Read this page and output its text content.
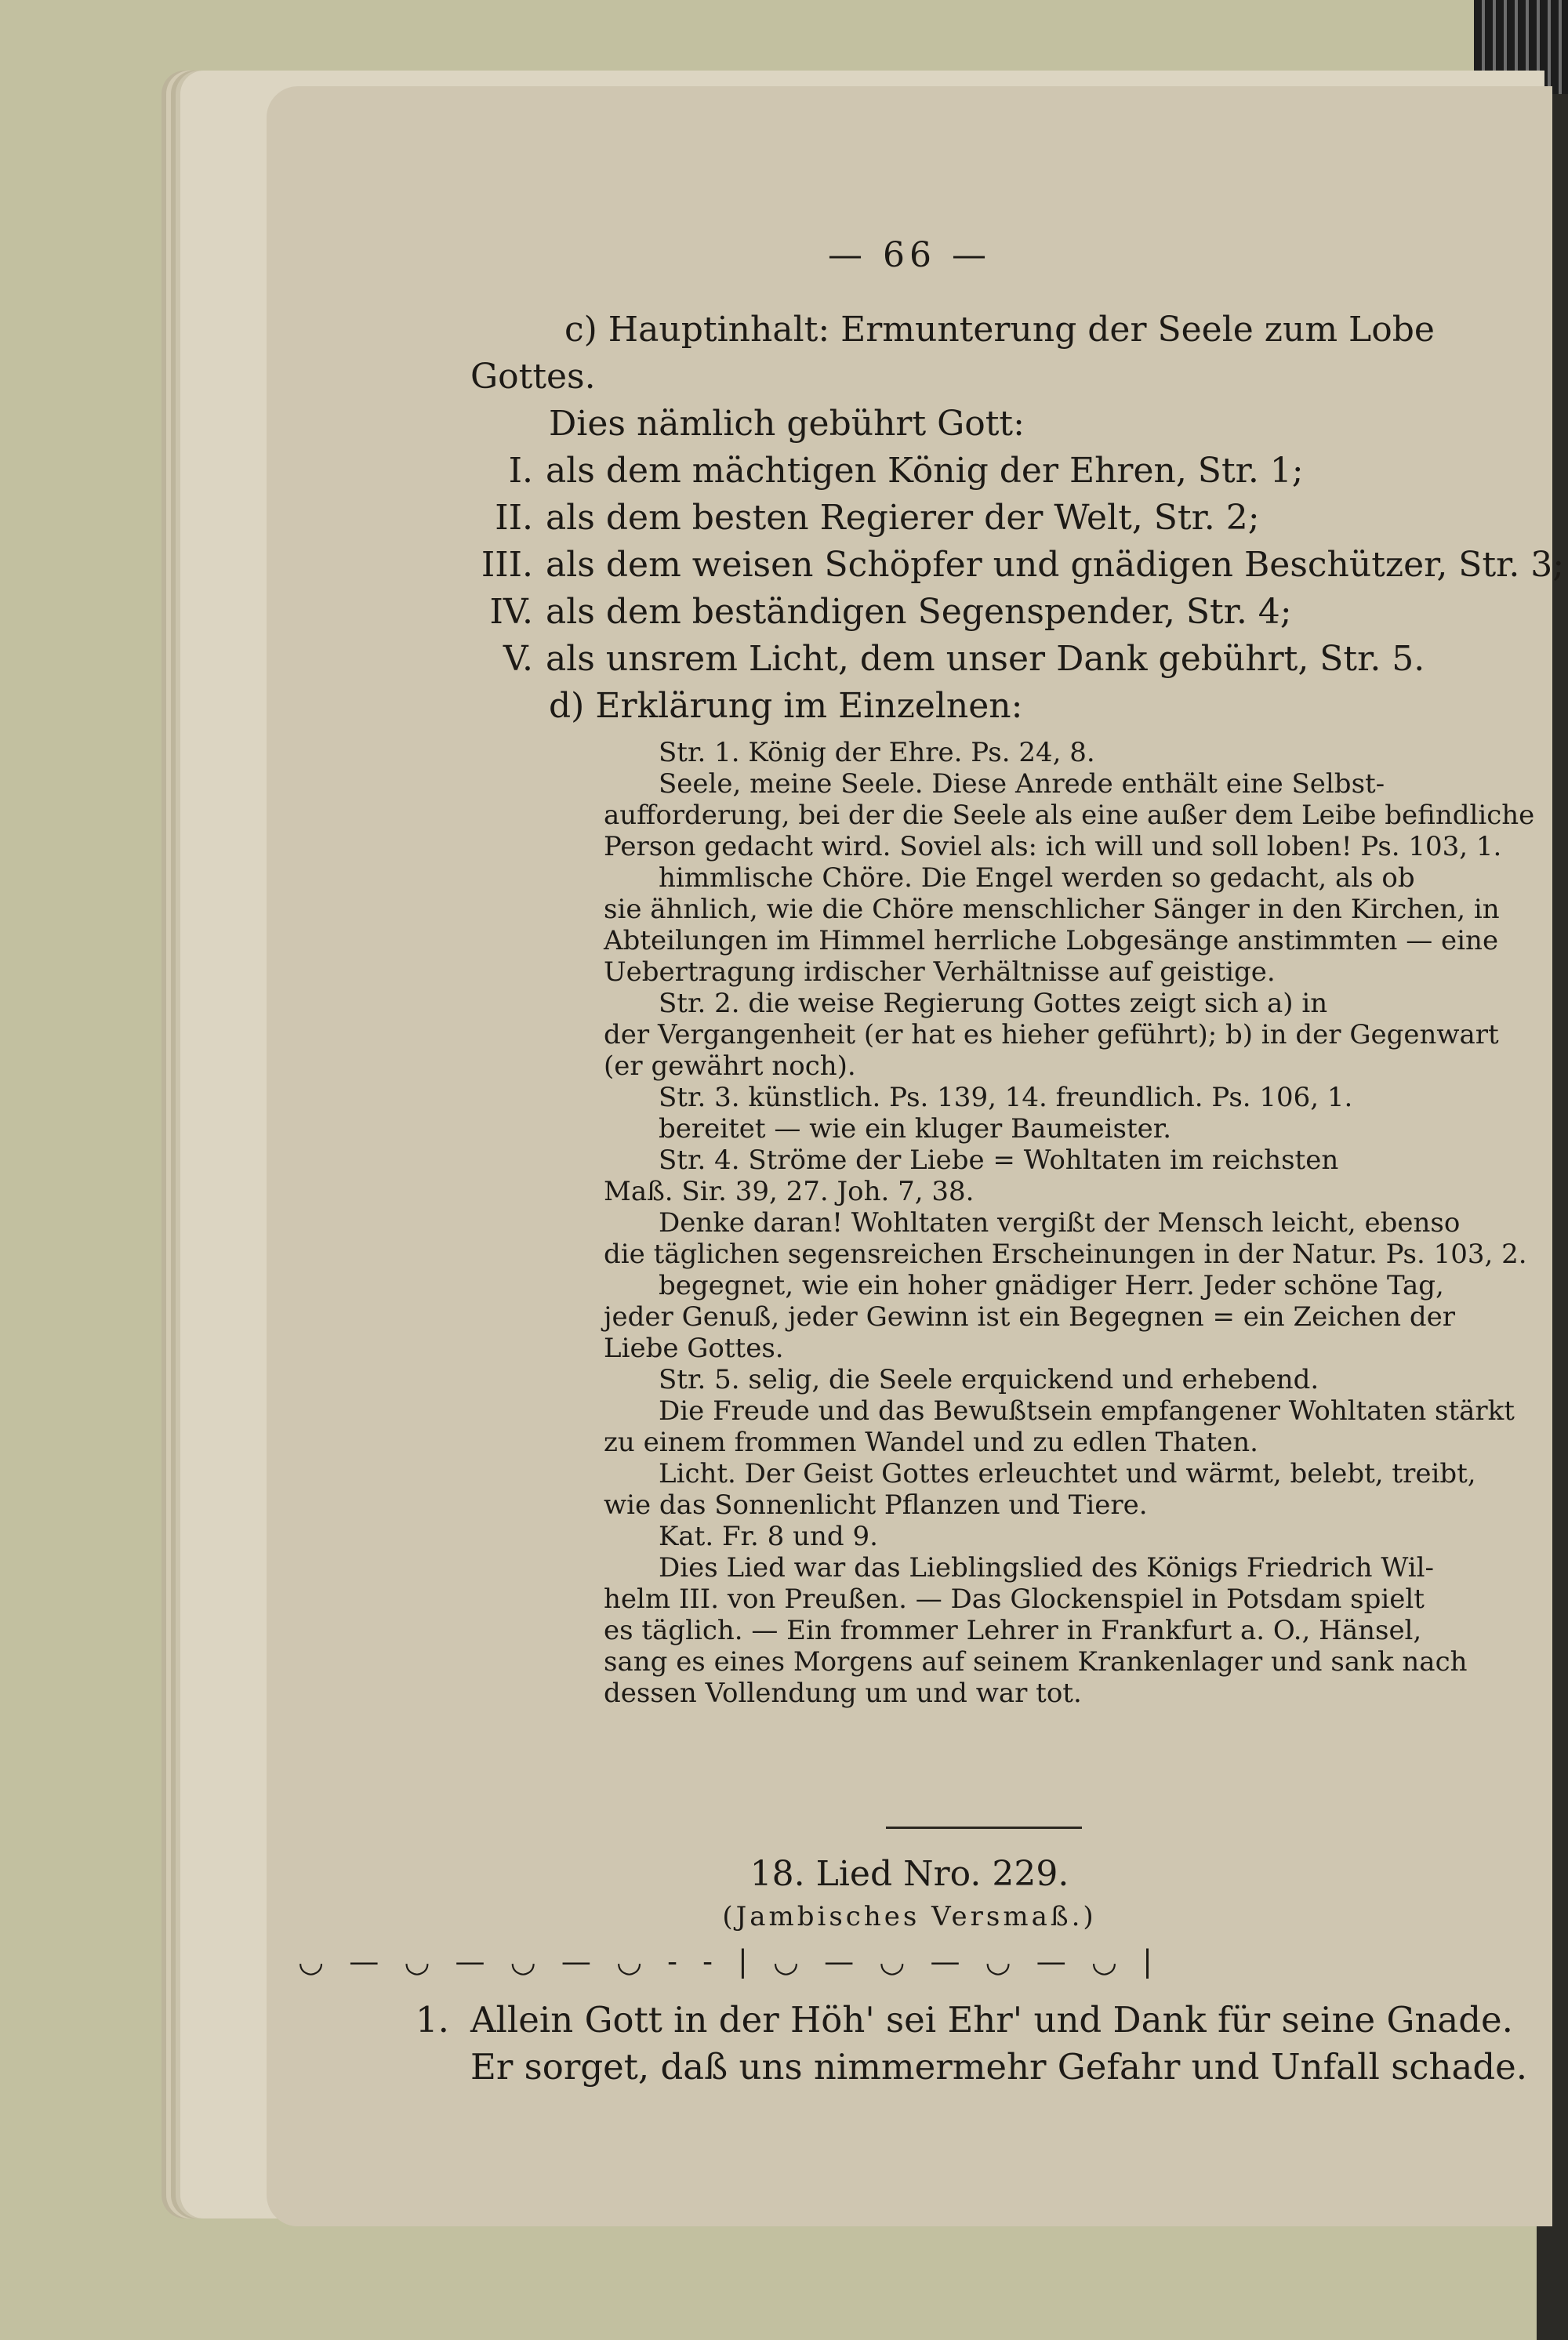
— 66 —
c) Hauptinhalt: Ermunterung der Seele zum Lobe
Gottes.
Dies nämlich gebührt Gott:
I. als dem mächtigen König der Ehren, Str. 1;
II. als dem besten Regierer der Welt, Str. 2;
III. als dem weisen Schöpfer und gnädigen Beschützer, Str. 3;
IV. als dem beständigen Segenspender, Str. 4;
V. als unsrem Licht, dem unser Dank gebührt, Str. 5.
d) Erklärung im Einzelnen:
Str. 1. König der Ehre. Ps. 24, 8.
Seele, meine Seele. Diese Anrede enthält eine Selbst-
aufforderung, bei der die Seele als eine außer dem Leibe befindliche
Person gedacht wird. Soviel als: ich will und soll loben! Ps. 103, 1.
himmlische Chöre. Die Engel werden so gedacht, als ob
sie ähnlich, wie die Chöre menschlicher Sänger in den Kirchen, in
Abteilungen im Himmel herrliche Lobgesänge anstimmten — eine
Uebertragung irdischer Verhältnisse auf geistige.
Str. 2. die weise Regierung Gottes zeigt sich a) in
der Vergangenheit (er hat es hieher geführt); b) in der Gegenwart
(er gewährt noch).
Str. 3. künstlich. Ps. 139, 14. freundlich. Ps. 106, 1.
bereitet — wie ein kluger Baumeister.
Str. 4. Ströme der Liebe = Wohltaten im reichsten
Maß. Sir. 39, 27. Joh. 7, 38.
Denke daran! Wohltaten vergißt der Mensch leicht, ebenso
die täglichen segensreichen Erscheinungen in der Natur. Ps. 103, 2.
begegnet, wie ein hoher gnädiger Herr. Jeder schöne Tag,
jeder Genuß, jeder Gewinn ist ein Begegnen = ein Zeichen der
Liebe Gottes.
Str. 5. selig, die Seele erquickend und erhebend.
Die Freude und das Bewußtsein empfangener Wohltaten stärkt
zu einem frommen Wandel und zu edlen Thaten.
Licht. Der Geist Gottes erleuchtet und wärmt, belebt, treibt,
wie das Sonnenlicht Pflanzen und Tiere.
Kat. Fr. 8 und 9.
Dies Lied war das Lieblingslied des Königs Friedrich Wil-
helm III. von Preußen. — Das Glockenspiel in Potsdam spielt
es täglich. — Ein frommer Lehrer in Frankfurt a. O., Hänsel,
sang es eines Morgens auf seinem Krankenlager und sank nach
dessen Vollendung um und war tot.
18. Lied Nro. 229.
(Jambisches Versmaß.)
◡ — ◡ — ◡ — ◡ - - | ◡ — ◡ — ◡ — ◡ |
1. Allein Gott in der Höh' sei Ehr' und Dank für seine Gnade.
Er sorget, daß uns nimmermehr Gefahr und Unfall schade.
